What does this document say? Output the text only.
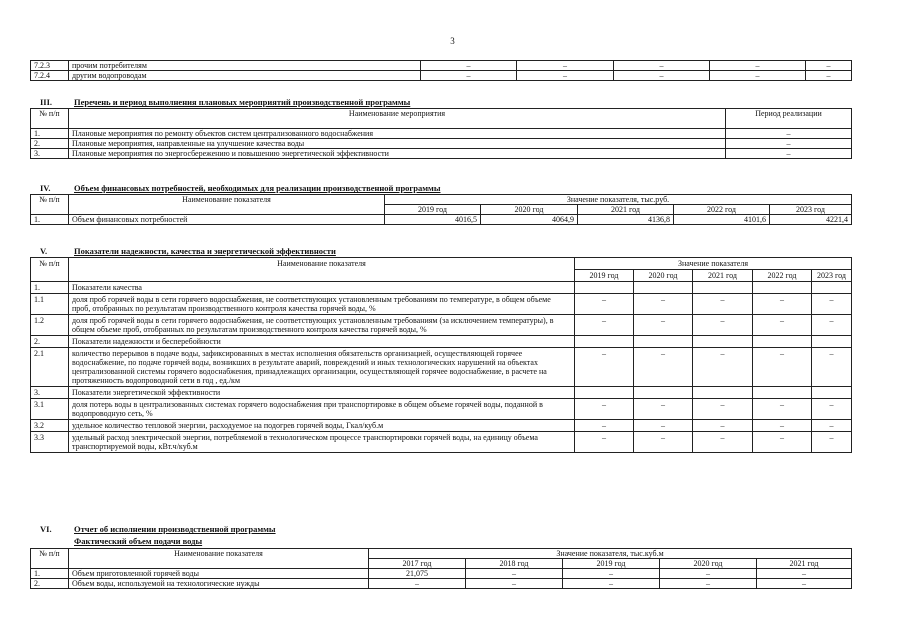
3
7.2.3	прочим потребителям	–	–	–	–	–
7.2.4	другим водопроводам	–	–	–	–	–
III.	Перечень и период выполнения плановых мероприятий производственной программы
№ п/п	Наименование мероприятия	Период реализации
1.	Плановые мероприятия по ремонту объектов систем централизованного водоснабжения	–
2.	Плановые мероприятия, направленные на улучшение качества воды	–
3.	Плановые мероприятия по энергосбережению и повышению энергетической эффективности	–
IV.	Объем финансовых потребностей, необходимых для реализации производственной программы
№ п/п	Наименование показателя	Значение показателя, тыс.руб.				
		2019 год	2020 год	2021 год	2022 год	2023 год
1.	Объем финансовых потребностей	4016,5	4064,9	4136,8	4101,6	4221,4
V.	Показатели надежности, качества и энергетической эффективности
№ п/п	Наименование показателя	Значение показателя				
		2019 год	2020 год	2021 год	2022 год	2023 год
1.	Показатели качества					
1.1	доля проб горячей воды в сети горячего водоснабжения, не соответствующих установленным требованиям по температуре, в общем объеме проб, отобранных по результатам производственного контроля качества горячей воды, %	–	–	–	–	–
1.2	доля проб горячей воды в сети горячего водоснабжения, не соответствующих установленным требованиям (за исключением температуры), в общем объеме проб, отобранных по результатам производственного контроля качества горячей воды, %	–	–	–	–	–
2.	Показатели надежности и бесперебойности					
2.1	количество перерывов в подаче воды, зафиксированных в местах исполнения обязательств организацией, осуществляющей горячее водоснабжение, по подаче горячей воды, возникших в результате аварий, повреждений и иных технологических нарушений на объектах централизованной системы горячего водоснабжения, принадлежащих организации, осуществляющей горячее водоснабжение, в расчете на протяженность водопроводной сети в год , ед./км	–	–	–	–	–
3.	Показатели энергетической эффективности					
3.1	доля потерь воды в централизованных системах горячего водоснабжения при транспортировке в общем объеме горячей воды, поданной в водопроводную сеть, %	–	–	–	–	–
3.2	удельное количество тепловой энергии, расходуемое на подогрев горячей воды, Гкал/куб.м	–	–	–	–	–
3.3	удельный расход электрической энергии, потребляемой в технологическом процессе транспортировки горячей воды, на единицу объема транспортируемой воды, кВт.ч/куб.м	–	–	–	–	–
VI.	Отчет об исполнении производственной программы
Фактический объем подачи воды
№ п/п	Наименование показателя	Значение показателя, тыс.куб.м				
		2017 год	2018 год	2019 год	2020 год	2021 год
1.	Объем приготовленной горячей воды	21,075	–	–	–	–
2.	Объем воды, используемой на технологические нужды	–	–	–	–	–
